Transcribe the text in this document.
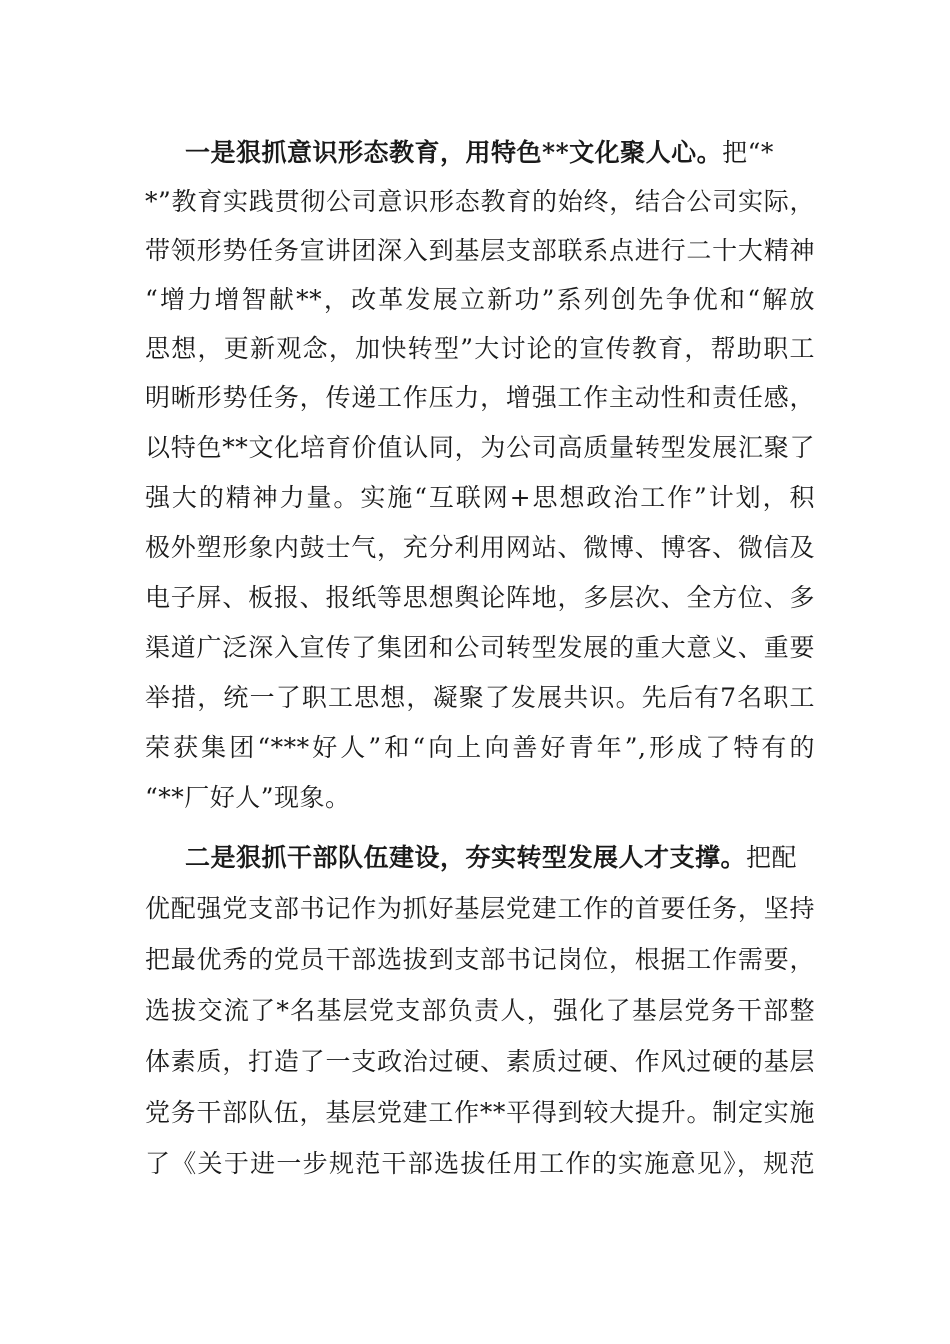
一是狠抓意识形态教育，用特色**文化聚人心。把“*
*”教育实践贯彻公司意识形态教育的始终，结合公司实际，
带领形势任务宣讲团深入到基层支部联系点进行二十大精神
“增力增智献**，改革发展立新功”系列创先争优和“解放
思想，更新观念，加快转型”大讨论的宣传教育，帮助职工
明晰形势任务，传递工作压力，增强工作主动性和责任感，
以特色**文化培育价值认同，为公司高质量转型发展汇聚了
强大的精神力量。实施“互联网+思想政治工作”计划，积
极外塑形象内鼓士气，充分利用网站、微博、博客、微信及
电子屏、板报、报纸等思想舆论阵地，多层次、全方位、多
渠道广泛深入宣传了集团和公司转型发展的重大意义、重要
举措，统一了职工思想，凝聚了发展共识。先后有7名职工
荣获集团“***好人”和“向上向善好青年”,形成了特有的
“**厂好人”现象。
二是狠抓干部队伍建设，夯实转型发展人才支撑。把配
优配强党支部书记作为抓好基层党建工作的首要任务，坚持
把最优秀的党员干部选拔到支部书记岗位，根据工作需要，
选拔交流了*名基层党支部负责人，强化了基层党务干部整
体素质，打造了一支政治过硬、素质过硬、作风过硬的基层
党务干部队伍，基层党建工作**平得到较大提升。制定实施
了《关于进一步规范干部选拔任用工作的实施意见》，规范
